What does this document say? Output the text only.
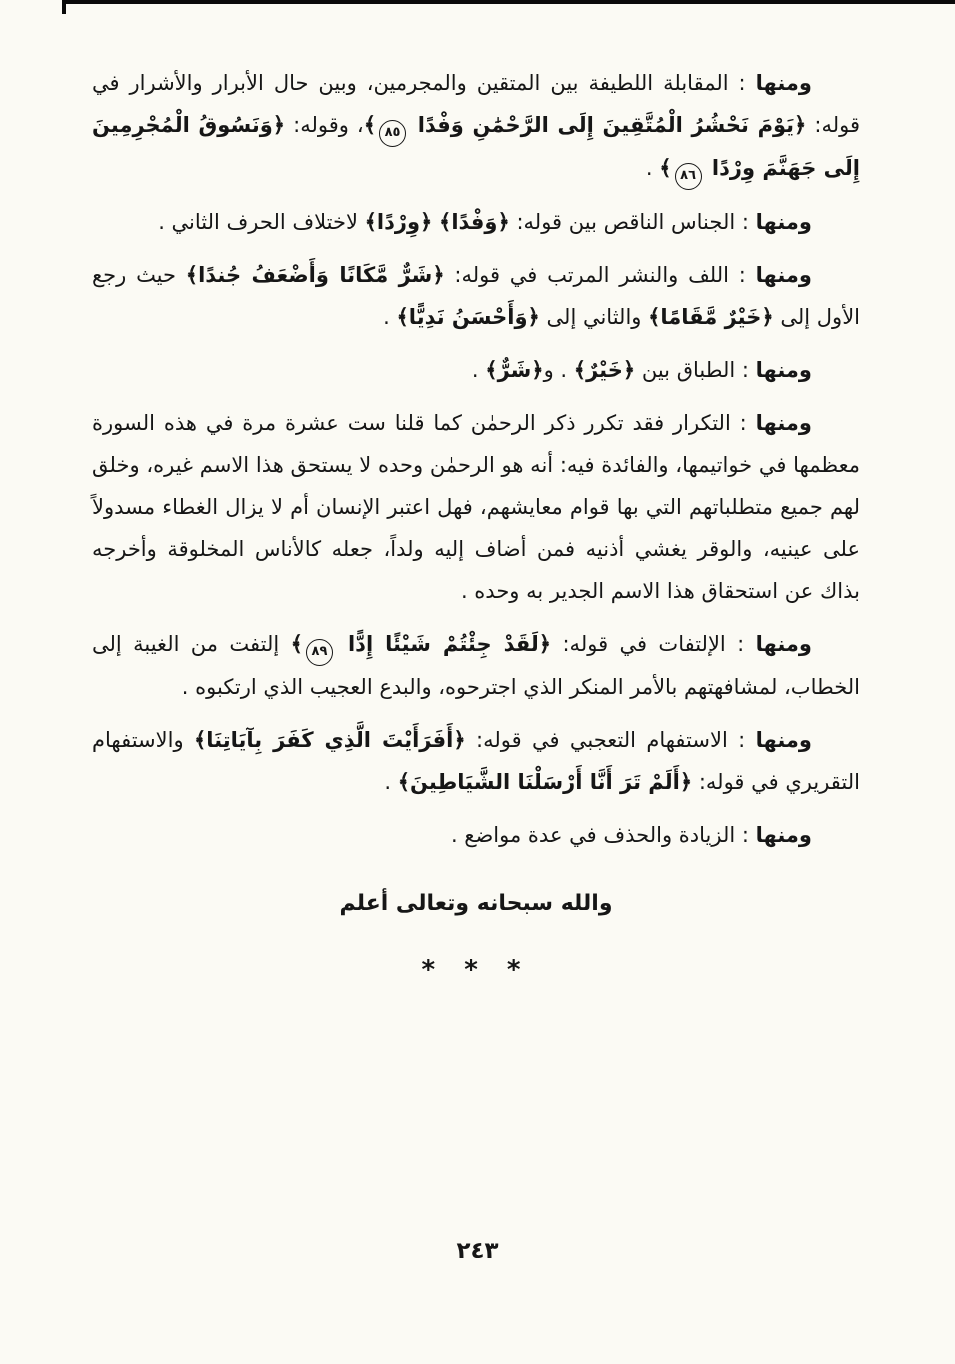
ومنها : المقابلة اللطيفة بين المتقين والمجرمين، وبين حال الأبرار والأشرار في قوله: ﴿يَوْمَ نَحْشُرُ الْمُتَّقِينَ إِلَى الرَّحْمَٰنِ وَفْدًا ٨٥﴾، وقوله: ﴿وَنَسُوقُ الْمُجْرِمِينَ إِلَى جَهَنَّمَ وِرْدًا ٨٦﴾ .

ومنها : الجناس الناقص بين قوله: ﴿وَفْدًا﴾ ﴿وِرْدًا﴾ لاختلاف الحرف الثاني .

ومنها : اللف والنشر المرتب في قوله: ﴿شَرٌّ مَّكَانًا وَأَضْعَفُ جُندًا﴾ حيث رجع الأول إلى ﴿خَيْرٌ مَّقَامًا﴾ والثاني إلى ﴿وَأَحْسَنُ نَدِيًّا﴾ .

ومنها : الطباق بين ﴿خَيْرٌ﴾ . و﴿شَرٌّ﴾ .

ومنها : التكرار فقد تكرر ذكر الرحمٰن كما قلنا ست عشرة مرة في هذه السورة معظمها في خواتيمها، والفائدة فيه: أنه هو الرحمٰن وحده لا يستحق هذا الاسم غيره، وخلق لهم جميع متطلباتهم التي بها قوام معايشهم، فهل اعتبر الإنسان أم لا يزال الغطاء مسدولاً على عينيه، والوقر يغشي أذنيه فمن أضاف إليه ولداً، جعله كالأناس المخلوقة وأخرجه بذاك عن استحقاق هذا الاسم الجدير به وحده .

ومنها : الإلتفات في قوله: ﴿لَقَدْ جِئْتُمْ شَيْئًا إِدًّا ٨٩﴾ إلتفت من الغيبة إلى الخطاب، لمشافهتهم بالأمر المنكر الذي اجترحوه، والبدع العجيب الذي ارتكبوه .

ومنها : الاستفهام التعجبي في قوله: ﴿أَفَرَأَيْتَ الَّذِي كَفَرَ بِآيَاتِنَا﴾ والاستفهام التقريري في قوله: ﴿أَلَمْ تَرَ أَنَّا أَرْسَلْنَا الشَّيَاطِينَ﴾ .

ومنها : الزيادة والحذف في عدة مواضع .

والله سبحانه وتعالى أعلم

* * *

٢٤٣
